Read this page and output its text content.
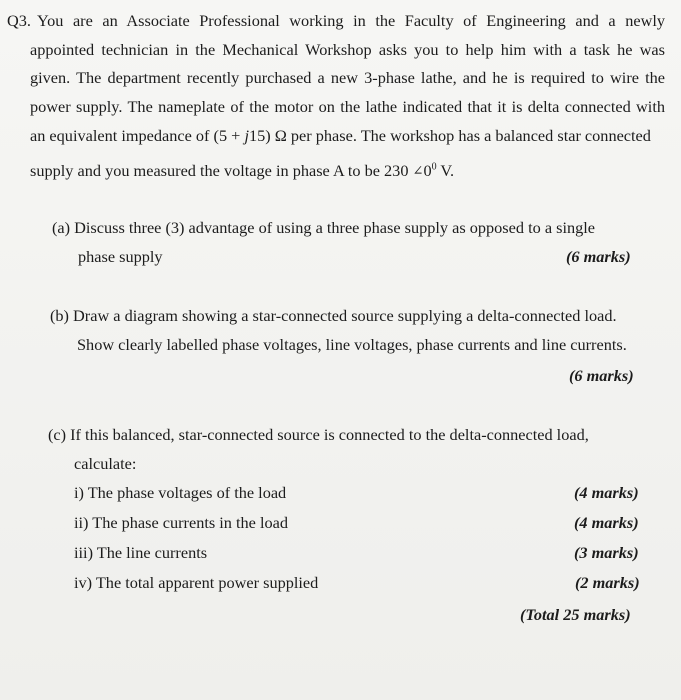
Q3. You are an Associate Professional working in the Faculty of Engineering and a newly
appointed technician in the Mechanical Workshop asks you to help him with a task he was
given. The department recently purchased a new 3-phase lathe, and he is required to wire the
power supply. The nameplate of the motor on the lathe indicated that it is delta connected with
an equivalent impedance of (5 + j15) Ω per phase. The workshop has a balanced star connected
supply and you measured the voltage in phase A to be 230 $\angle 0^0$ V.
(a) Discuss three (3) advantage of using a three phase supply as opposed to a single
phase supply	(6 marks)
(b) Draw a diagram showing a star-connected source supplying a delta-connected load.
Show clearly labelled phase voltages, line voltages, phase currents and line currents.
(6 marks)
(c) If this balanced, star-connected source is connected to the delta-connected load,
calculate:
i) The phase voltages of the load	(4 marks)
ii) The phase currents in the load	(4 marks)
iii) The line currents	(3 marks)
iv) The total apparent power supplied	(2 marks)
(Total 25 marks)
